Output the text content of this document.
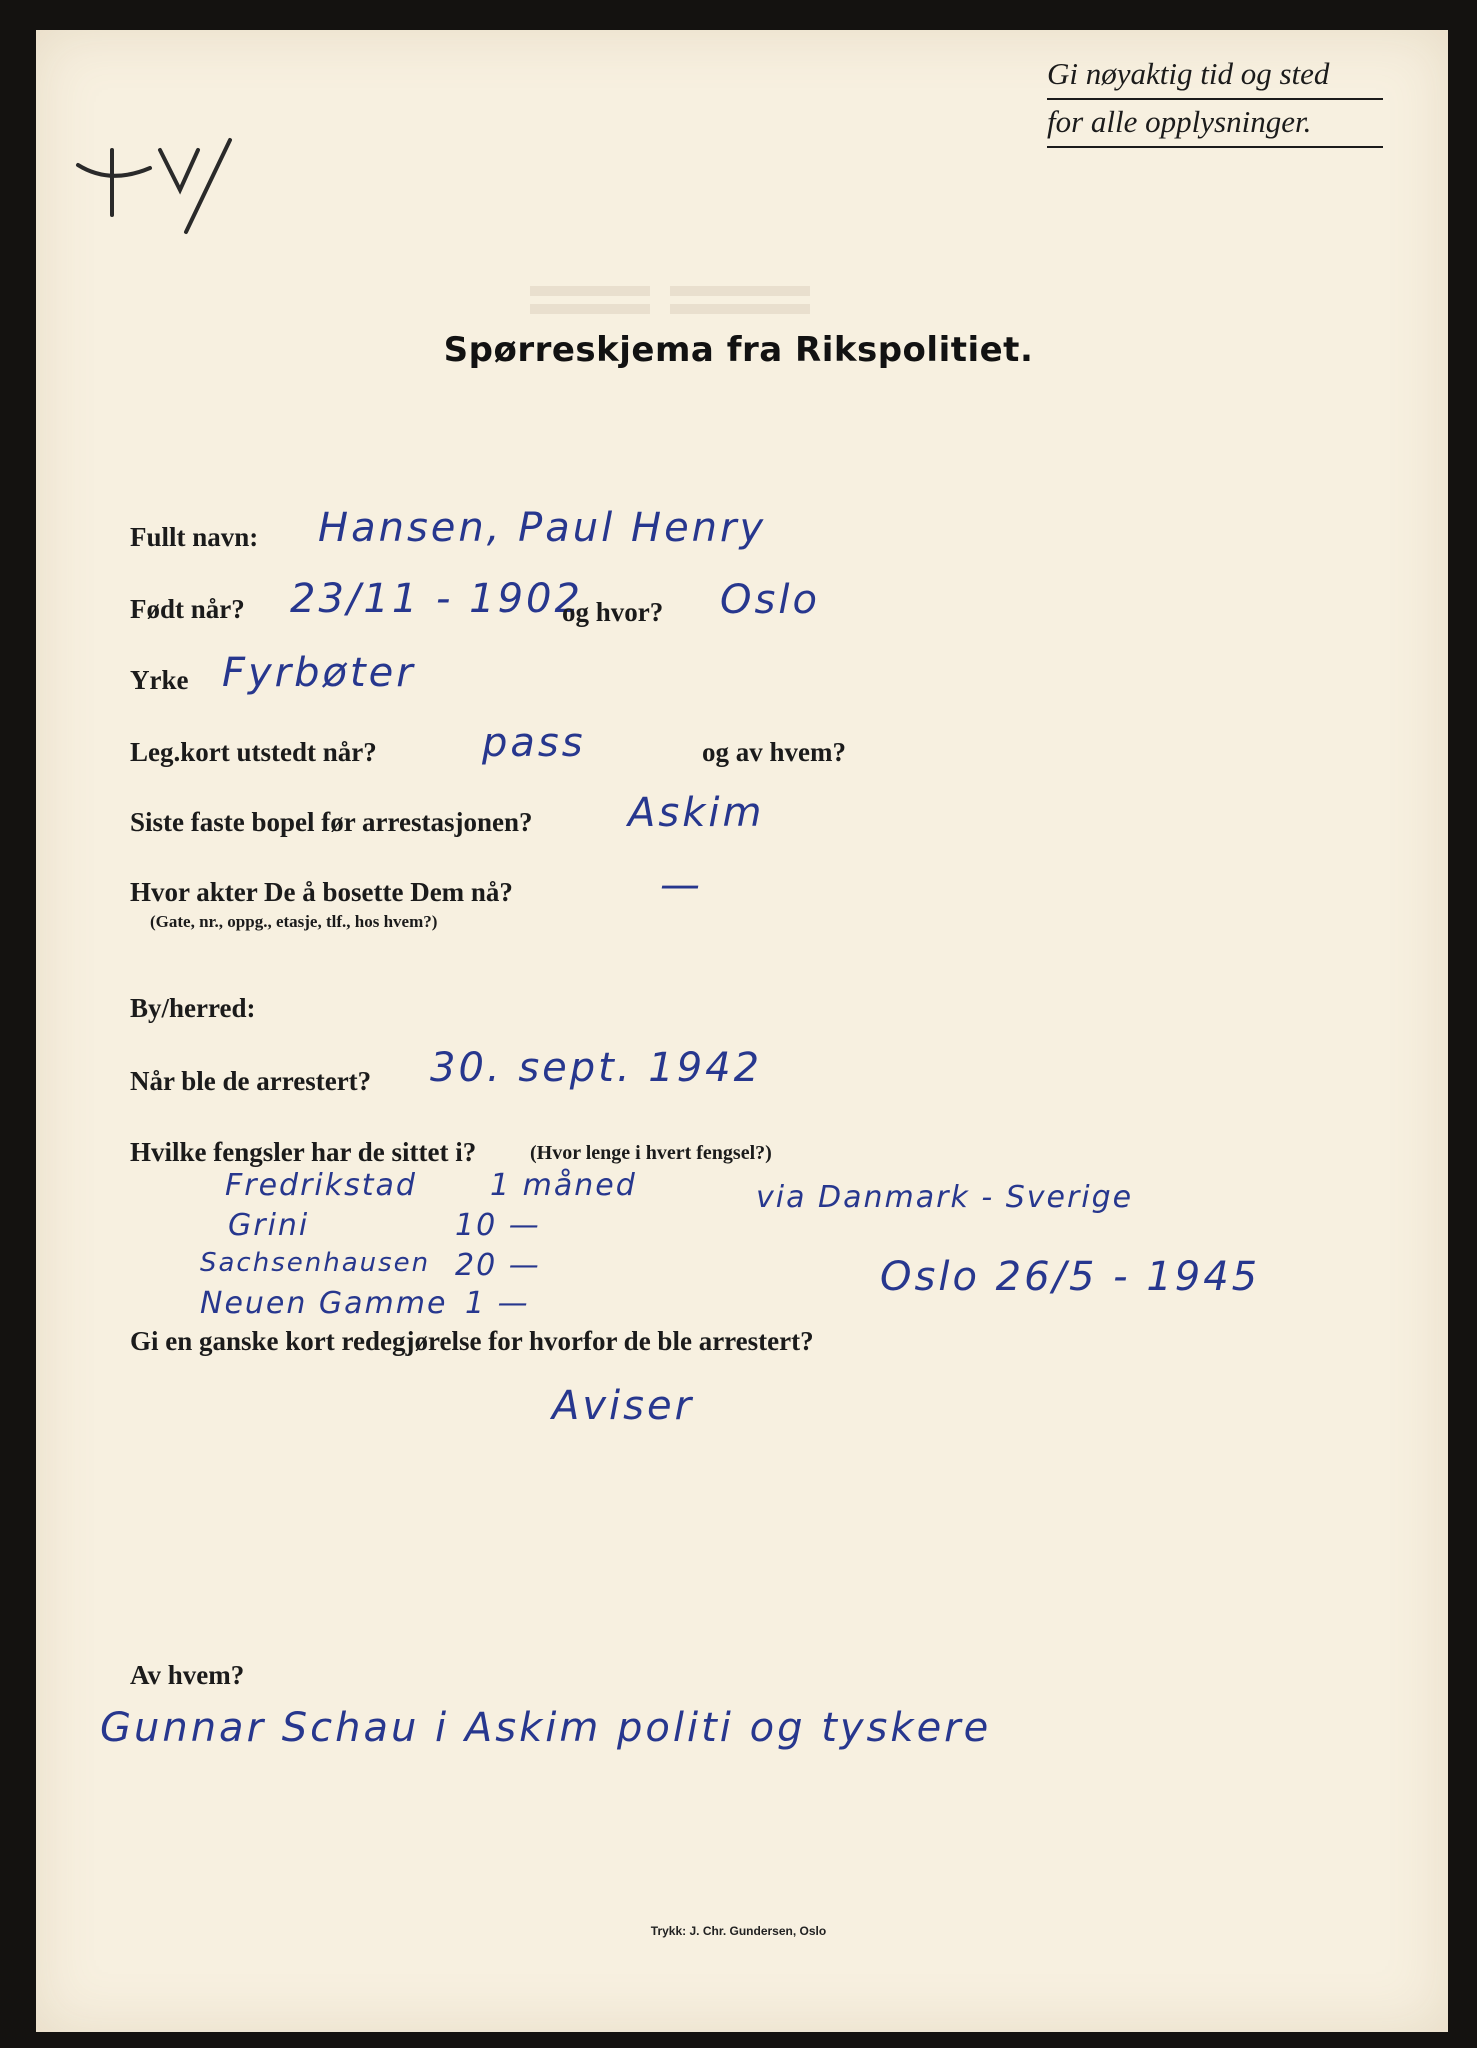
Gi nøyaktig tid og sted
for alle opplysninger.
Spørreskjema fra Rikspolitiet.
Fullt navn: Hansen, Paul Henry
Født når? 23/11 - 1902
og hvor? Oslo
Yrke Fyrbøter
Leg.kort utstedt når?	pass	og av hvem?
Siste faste bopel før arrestasjonen? Askim
Hvor akter De å bosette Dem nå?
(Gate, nr., oppg., etasje, tlf., hos hvem?)
—
By/herred:
Når ble de arrestert? 30. sept. 1942
Hvilke fengsler har de sittet i?	(Hvor lenge i hvert fengsel?)
Fredrikstad 1 måned
Grini	10 —
Sachsenhausen 20 —
Neuen Gamme 1 —
via Danmark - Sverige
Oslo 26/5 - 1945
Gi en ganske kort redegjørelse for hvorfor de ble arrestert?
Aviser
Av hvem?
Gunnar Schau i Askim politi og tyskere
Trykk: J. Chr. Gundersen, Oslo
